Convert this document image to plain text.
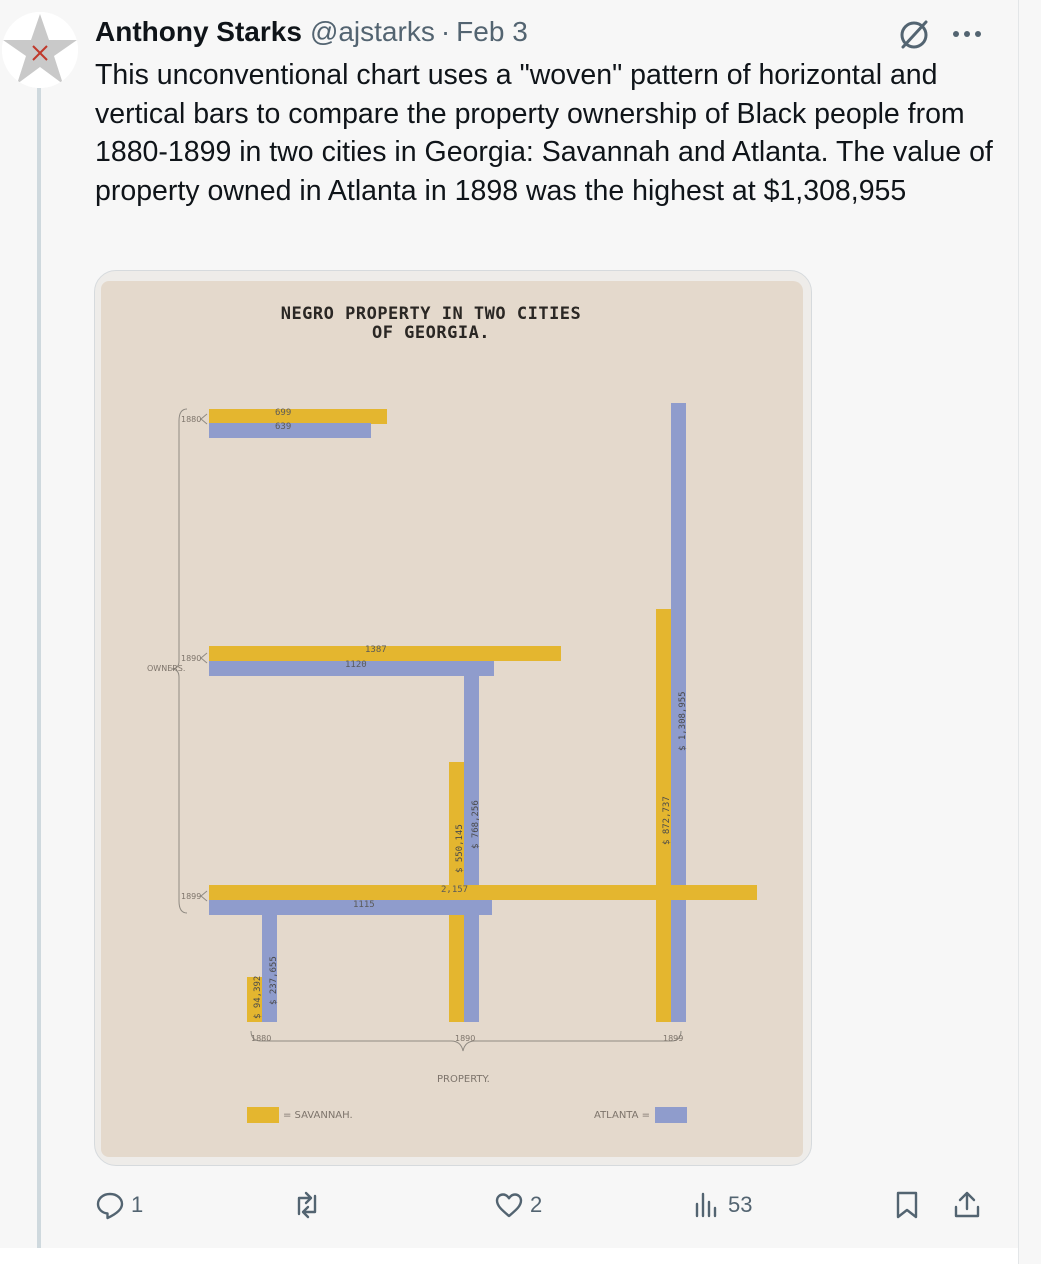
Anthony Starks @ajstarks · Feb 3
This unconventional chart uses a "woven" pattern of horizontal and vertical bars to compare the property ownership of Black people from 1880-1899 in two cities in Georgia: Savannah and Atlanta. The value of property owned in Atlanta in 1898 was the highest at $1,308,955
NEGRO PROPERTY IN TWO CITIES
OF GEORGIA.
OWNERS.
1880
1890
1899
699
639
1387
1120
2,157
1115
$ 94,392 $ 237,655
$ 550,145 $ 768,256	$ 872,737
$ 1,308,955
1880	1890	1899
PROPERTY.
= SAVANNAH.	ATLANTA =
1	2	53
